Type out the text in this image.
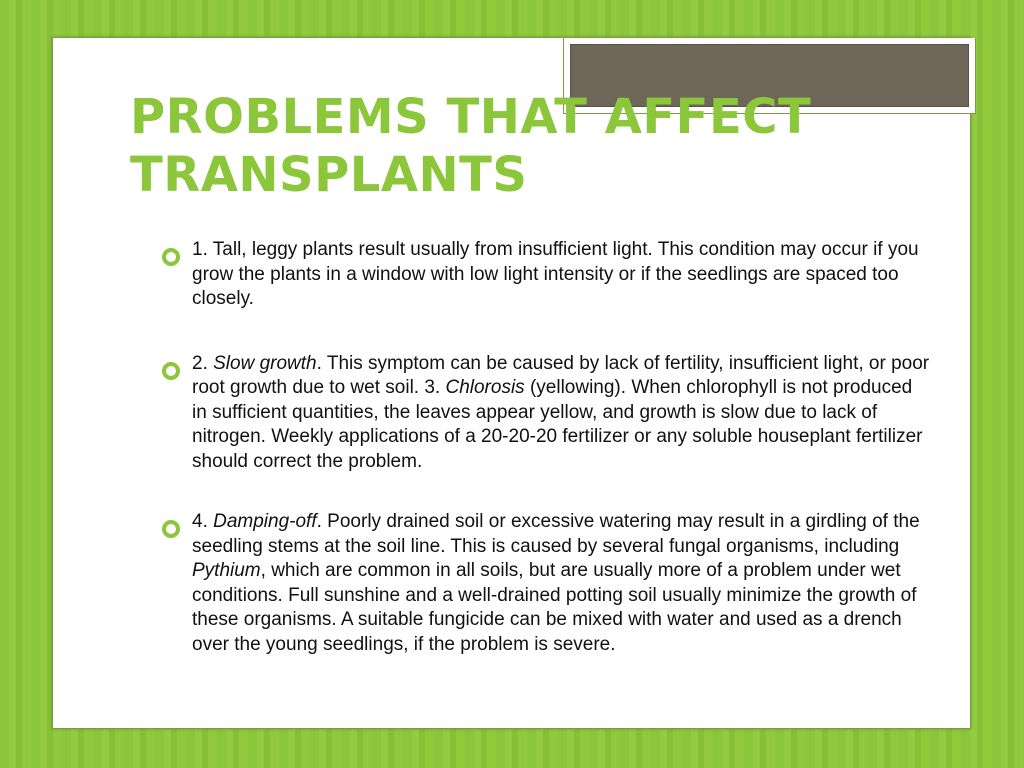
PROBLEMS THAT AFFECT TRANSPLANTS
1. Tall, leggy plants result usually from insufficient light. This condition may occur if you grow the plants in a window with low light intensity or if the seedlings are spaced too closely.
2. Slow growth. This symptom can be caused by lack of fertility, insufficient light, or poor root growth due to wet soil. 3. Chlorosis (yellowing). When chlorophyll is not produced in sufficient quantities, the leaves appear yellow, and growth is slow due to lack of nitrogen. Weekly applications of a 20-20-20 fertilizer or any soluble houseplant fertilizer should correct the problem.
4. Damping-off. Poorly drained soil or excessive watering may result in a girdling of the seedling stems at the soil line. This is caused by several fungal organisms, including Pythium, which are common in all soils, but are usually more of a problem under wet conditions. Full sunshine and a well-drained potting soil usually minimize the growth of these organisms. A suitable fungicide can be mixed with water and used as a drench over the young seedlings, if the problem is severe.
